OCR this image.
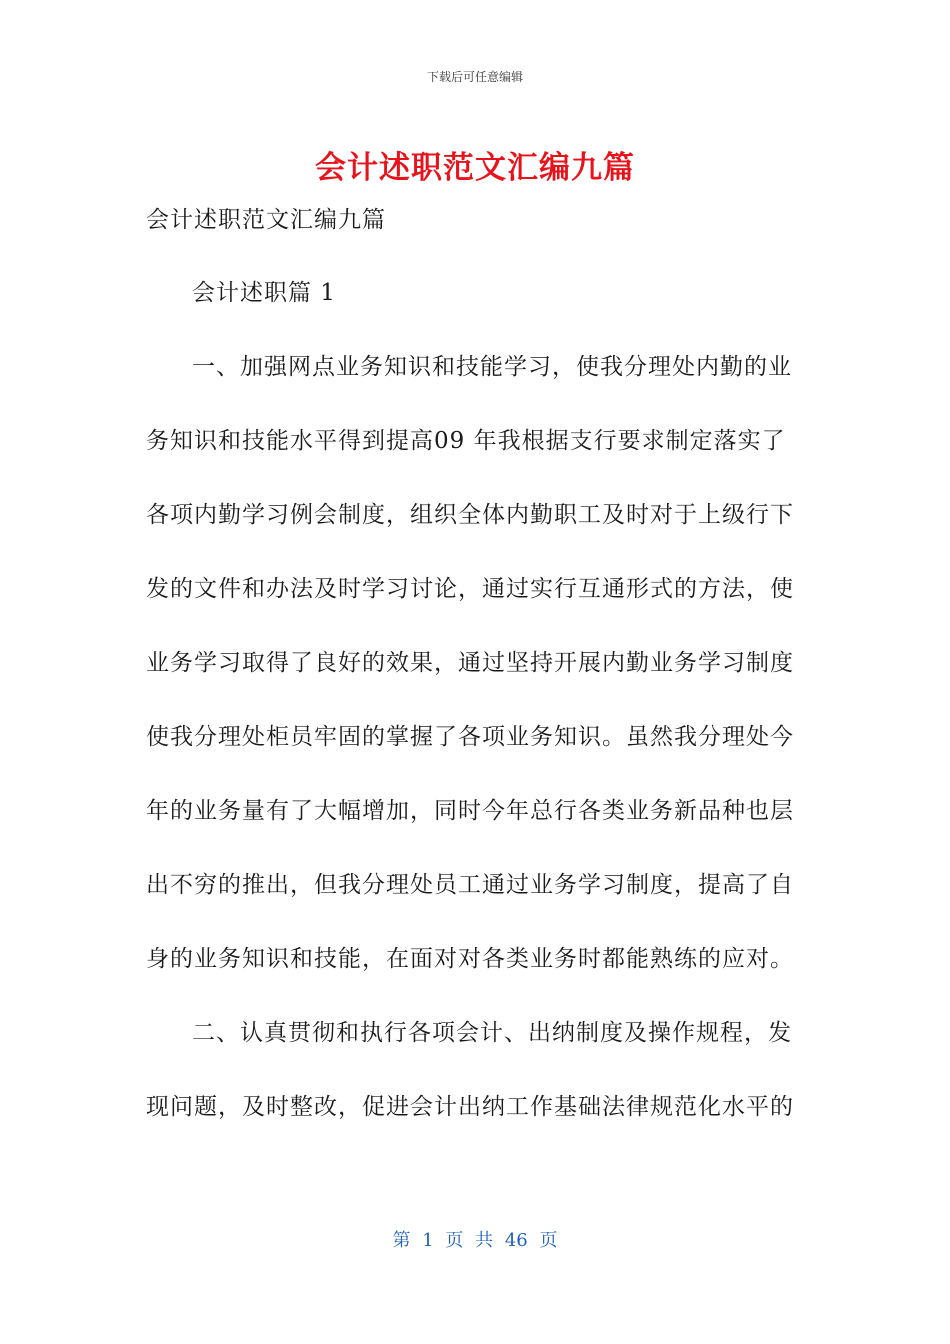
下载后可任意编辑
会计述职范文汇编九篇

会计述职范文汇编九篇

会计述职篇 1

一、加强网点业务知识和技能学习，使我分理处内勤的业务知识和技能水平得到提高09 年我根据支行要求制定落实了各项内勤学习例会制度，组织全体内勤职工及时对于上级行下发的文件和办法及时学习讨论，通过实行互通形式的方法，使业务学习取得了良好的效果，通过坚持开展内勤业务学习制度使我分理处柜员牢固的掌握了各项业务知识。虽然我分理处今年的业务量有了大幅增加，同时今年总行各类业务新品种也层出不穷的推出，但我分理处员工通过业务学习制度，提高了自身的业务知识和技能，在面对对各类业务时都能熟练的应对。

二、认真贯彻和执行各项会计、出纳制度及操作规程，发现问题，及时整改，促进会计出纳工作基础法律规范化水平的

第 1 页 共 46 页
